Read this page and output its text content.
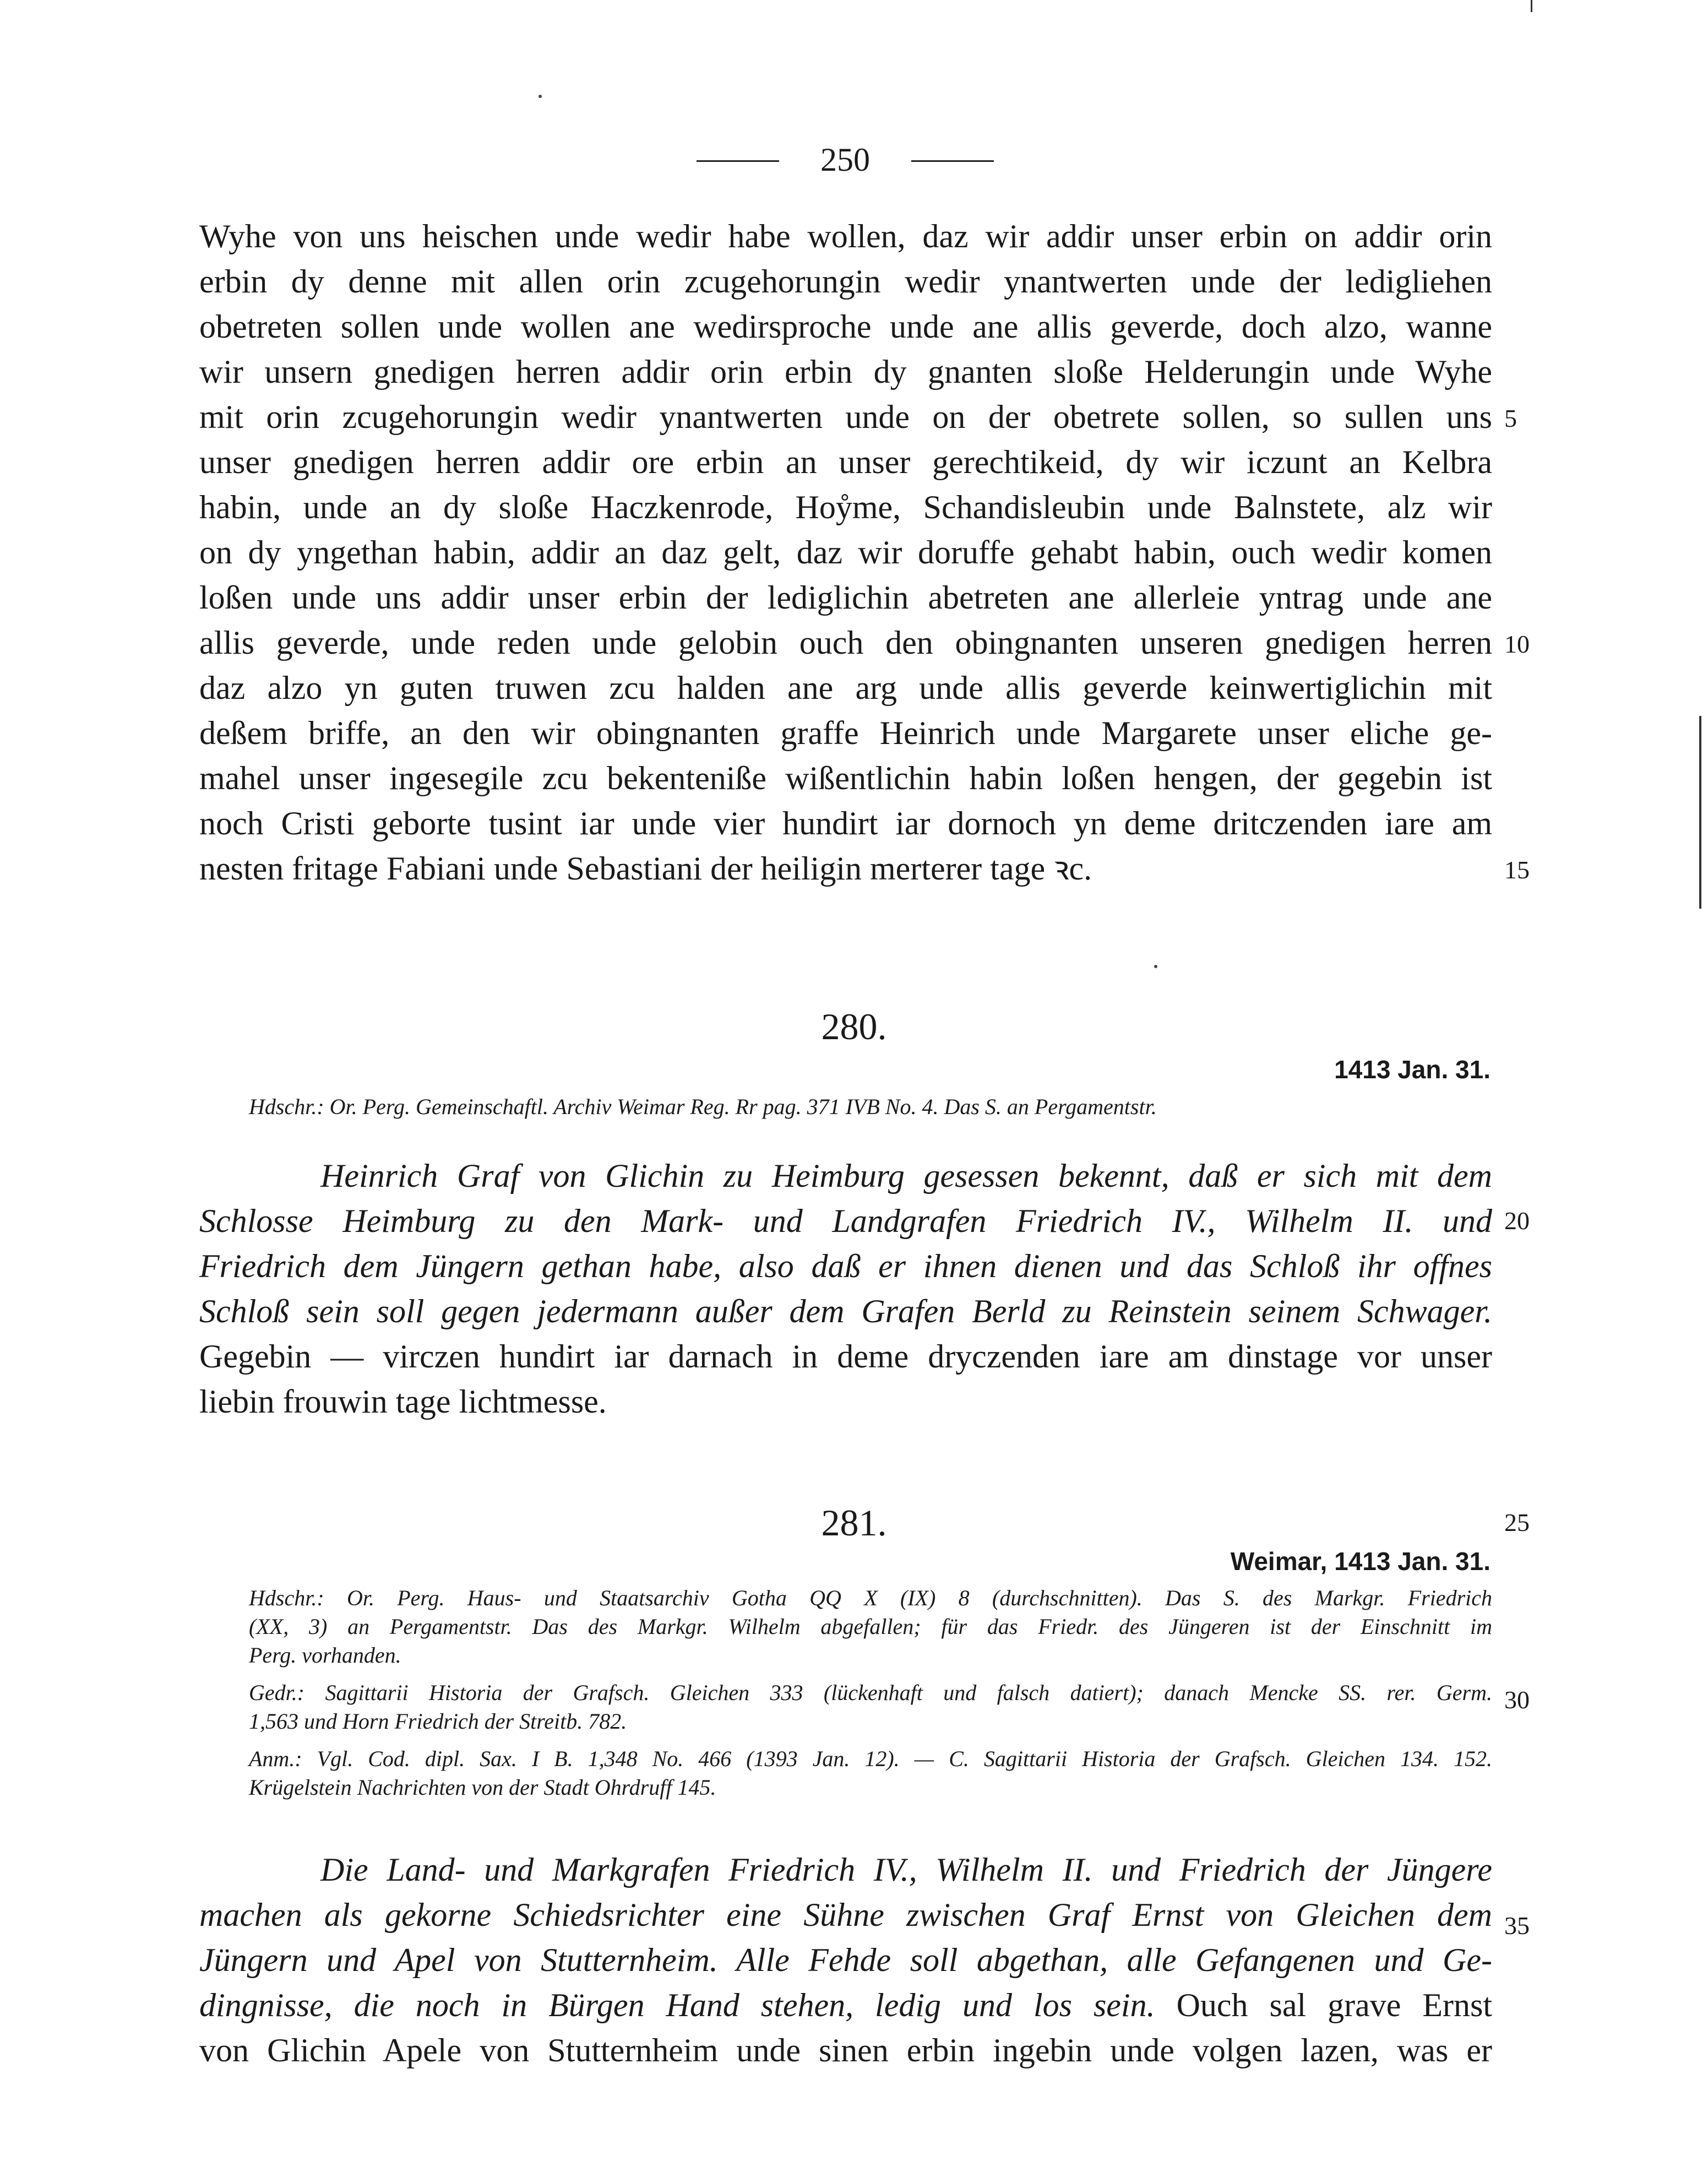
250
Wyhe von uns heischen unde wedir habe wollen, daz wir addir unser erbin on addir orin
erbin dy denne mit allen orin zcugehorungin wedir ynantwerten unde der ledigliehen
obetreten sollen unde wollen ane wedirsproche unde ane allis geverde, doch alzo, wanne
wir unsern gnedigen herren addir orin erbin dy gnanten sloße Helderungin unde Wyhe
mit orin zcugehorungin wedir ynantwerten unde on der obetrete sollen, so sullen uns
unser gnedigen herren addir ore erbin an unser gerechtikeid, dy wir iczunt an Kelbra
habin, unde an dy sloße Haczkenrode, Hoẙme, Schandisleubin unde Balnstete, alz wir
on dy yngethan habin, addir an daz gelt, daz wir doruffe gehabt habin, ouch wedir komen
loßen unde uns addir unser erbin der lediglichin abetreten ane allerleie yntrag unde ane
allis geverde, unde reden unde gelobin ouch den obingnanten unseren gnedigen herren
daz alzo yn guten truwen zcu halden ane arg unde allis geverde keinwertiglichin mit
deßem briffe, an den wir obingnanten graffe Heinrich unde Margarete unser eliche ge-
mahel unser ingesegile zcu bekenteniße wißentlichin habin loßen hengen, der gegebin ist
noch Cristi geborte tusint iar unde vier hundirt iar dornoch yn deme dritczenden iare am
nesten fritage Fabiani unde Sebastiani der heiligin merterer tage ꝛc.
5
10
15
20
25
30
35
280.
1413 Jan. 31.
Hdschr.: Or. Perg. Gemeinschaftl. Archiv Weimar Reg. Rr pag. 371 IVB No. 4. Das S. an Pergamentstr.
Heinrich Graf von Glichin zu Heimburg gesessen bekennt, daß er sich mit dem
Schlosse Heimburg zu den Mark- und Landgrafen Friedrich IV., Wilhelm II. und
Friedrich dem Jüngern gethan habe, also daß er ihnen dienen und das Schloß ihr offnes
Schloß sein soll gegen jedermann außer dem Grafen Berld zu Reinstein seinem Schwager.
Gegebin — virczen hundirt iar darnach in deme dryczenden iare am dinstage vor unser
liebin frouwin tage lichtmesse.
281.
Weimar, 1413 Jan. 31.
Hdschr.: Or. Perg. Haus- und Staatsarchiv Gotha QQ X (IX) 8 (durchschnitten). Das S. des Markgr. Friedrich
(XX, 3) an Pergamentstr. Das des Markgr. Wilhelm abgefallen; für das Friedr. des Jüngeren ist der Einschnitt im
Perg. vorhanden.
Gedr.: Sagittarii Historia der Grafsch. Gleichen 333 (lückenhaft und falsch datiert); danach Mencke SS. rer. Germ.
1,563 und Horn Friedrich der Streitb. 782.
Anm.: Vgl. Cod. dipl. Sax. I B. 1,348 No. 466 (1393 Jan. 12). — C. Sagittarii Historia der Grafsch. Gleichen 134. 152.
Krügelstein Nachrichten von der Stadt Ohrdruff 145.
Die Land- und Markgrafen Friedrich IV., Wilhelm II. und Friedrich der Jüngere
machen als gekorne Schiedsrichter eine Sühne zwischen Graf Ernst von Gleichen dem
Jüngern und Apel von Stutternheim. Alle Fehde soll abgethan, alle Gefangenen und Ge-
dingnisse, die noch in Bürgen Hand stehen, ledig und los sein. Ouch sal grave Ernst
von Glichin Apele von Stutternheim unde sinen erbin ingebin unde volgen lazen, was er
